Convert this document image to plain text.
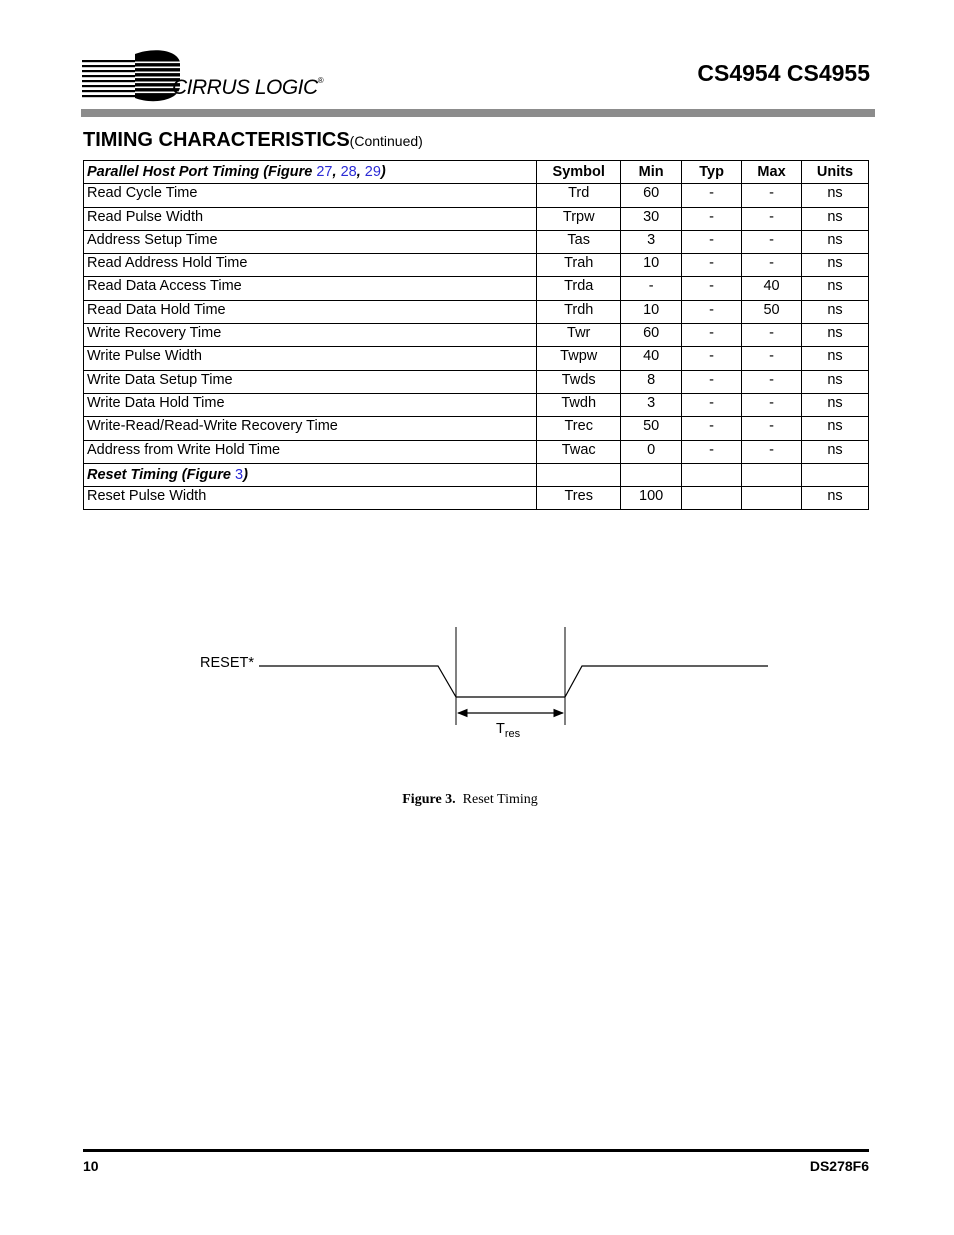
CIRRUS LOGIC®	CS4954 CS4955
TIMING CHARACTERISTICS(Continued)
Parallel Host Port Timing (Figure 27, 28, 29)	Symbol	Min	Typ	Max	Units
Read Cycle Time	Trd	60	-	-	ns
Read Pulse Width	Trpw	30	-	-	ns
Address Setup Time	Tas	3	-	-	ns
Read Address Hold Time	Trah	10	-	-	ns
Read Data Access Time	Trda	-	-	40	ns
Read Data Hold Time	Trdh	10	-	50	ns
Write Recovery Time	Twr	60	-	-	ns
Write Pulse Width	Twpw	40	-	-	ns
Write Data Setup Time	Twds	8	-	-	ns
Write Data Hold Time	Twdh	3	-	-	ns
Write-Read/Read-Write Recovery Time	Trec	50	-	-	ns
Address from Write Hold Time	Twac	0	-	-	ns
Reset Timing (Figure 3)					
Reset Pulse Width	Tres	100			ns
RESET*
$T_{res}$
Figure 3. Reset Timing
10	DS278F6
